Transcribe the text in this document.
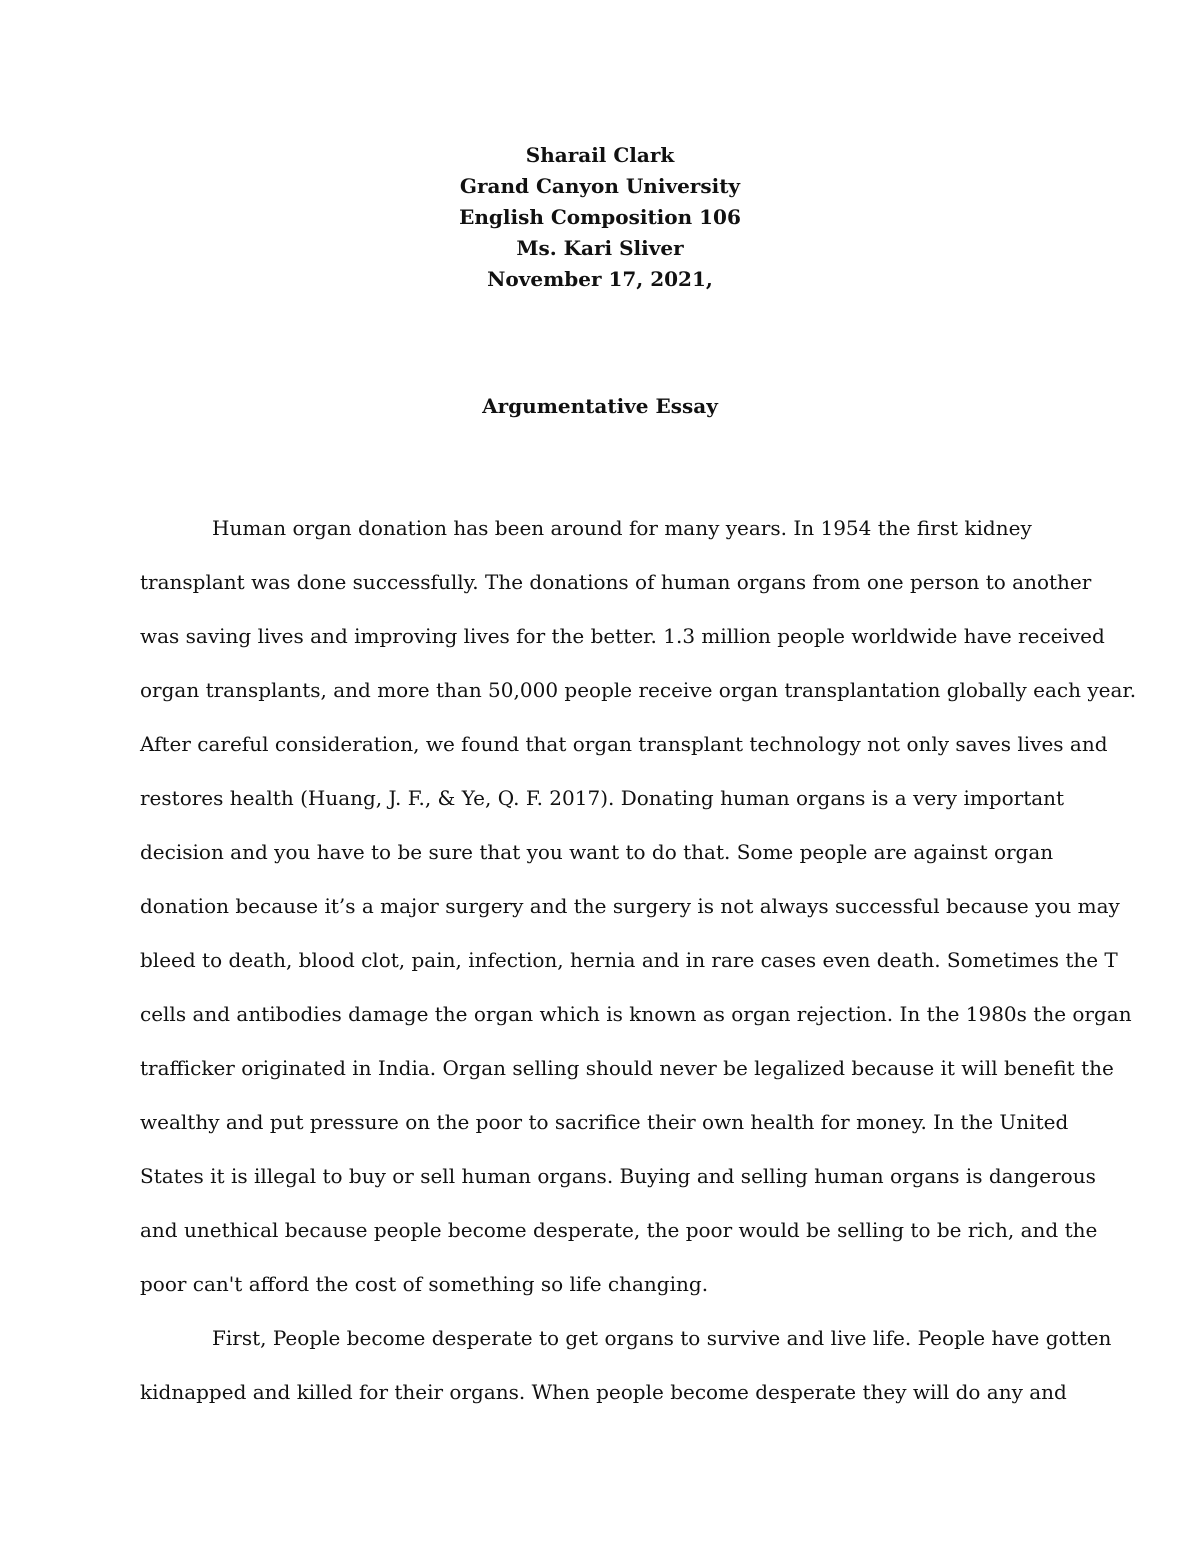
Sharail Clark
Grand Canyon University
English Composition 106
Ms. Kari Sliver
November 17, 2021,
Argumentative Essay
Human organ donation has been around for many years. In 1954 the first kidney
transplant was done successfully. The donations of human organs from one person to another
was saving lives and improving lives for the better. 1.3 million people worldwide have received
organ transplants, and more than 50,000 people receive organ transplantation globally each year.
After careful consideration, we found that organ transplant technology not only saves lives and
restores health (Huang, J. F., & Ye, Q. F. 2017). Donating human organs is a very important
decision and you have to be sure that you want to do that. Some people are against organ
donation because it’s a major surgery and the surgery is not always successful because you may
bleed to death, blood clot, pain, infection, hernia and in rare cases even death. Sometimes the T
cells and antibodies damage the organ which is known as organ rejection. In the 1980s the organ
trafficker originated in India. Organ selling should never be legalized because it will benefit the
wealthy and put pressure on the poor to sacrifice their own health for money. In the United
States it is illegal to buy or sell human organs. Buying and selling human organs is dangerous
and unethical because people become desperate, the poor would be selling to be rich, and the
poor can't afford the cost of something so life changing.
First, People become desperate to get organs to survive and live life. People have gotten
kidnapped and killed for their organs. When people become desperate they will do any and
